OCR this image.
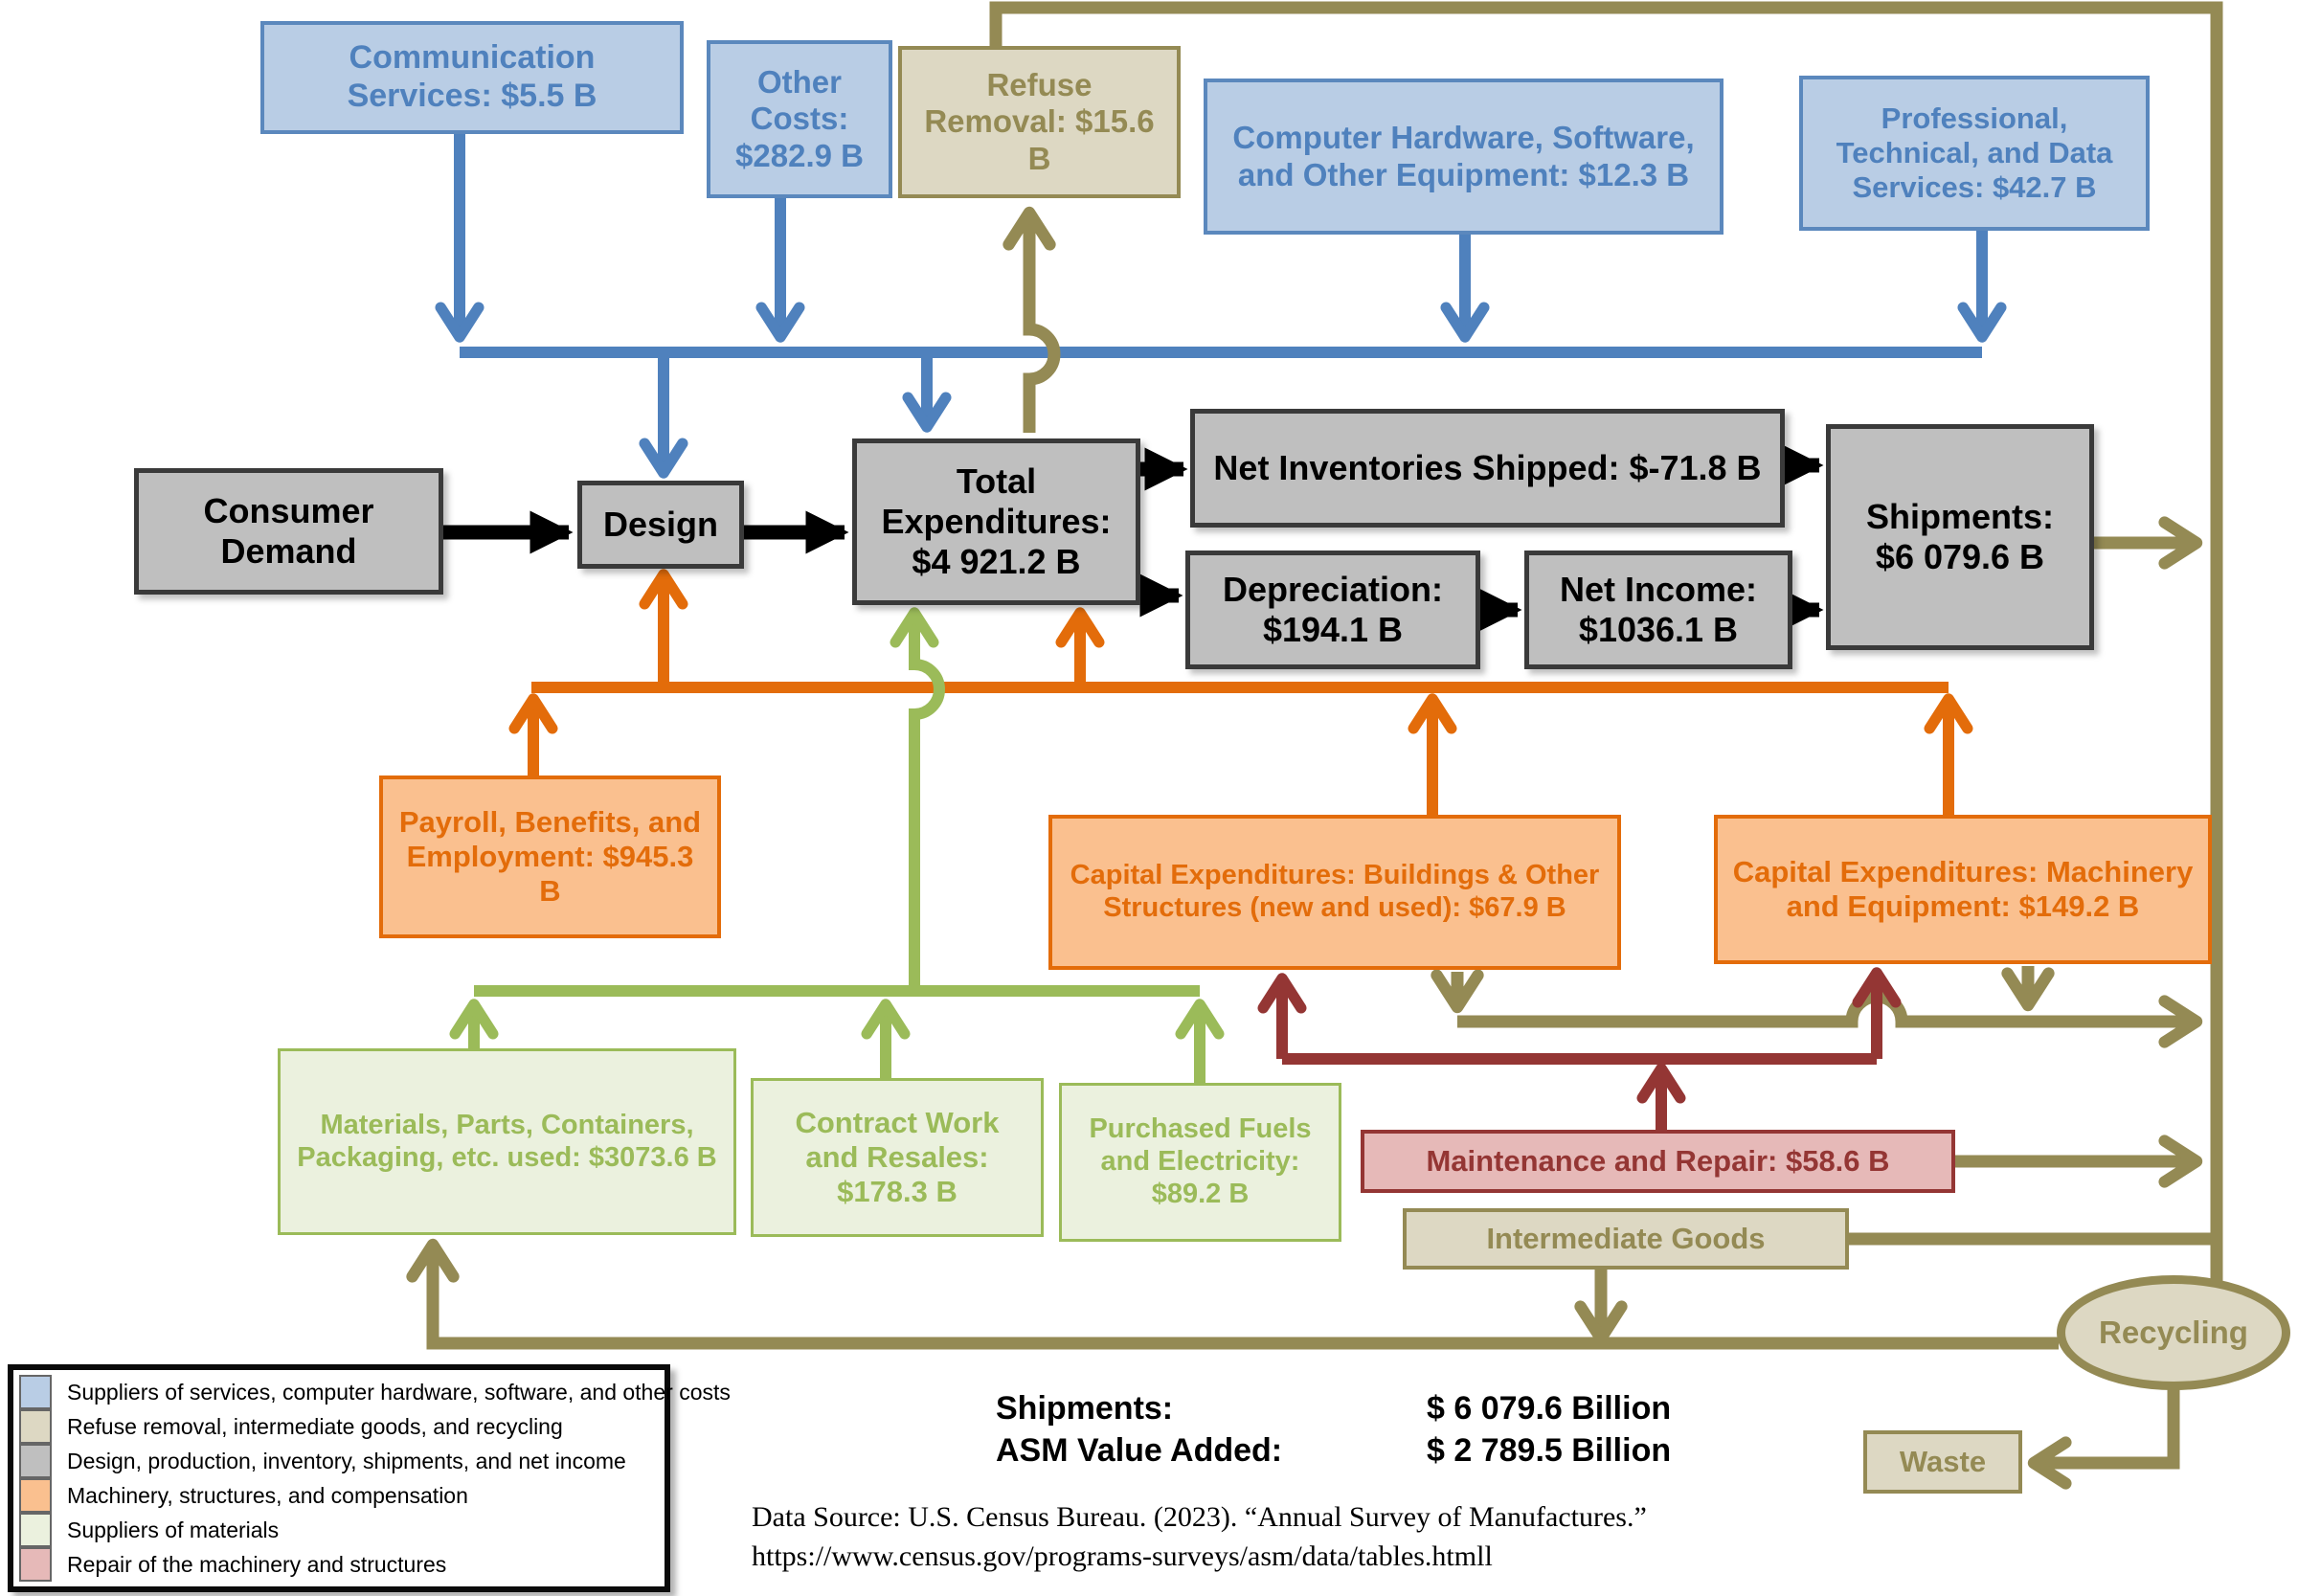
Communication Services: $5.5 B	Other Costs: $282.9 B
Refuse Removal: $15.6 B
Computer Hardware, Software, and Other Equipment: $12.3 B
Professional, Technical, and Data Services: $42.7 B
Consumer Demand
Design
Total Expenditures: $4 921.2 B
Net Inventories Shipped: $-71.8 B
Depreciation: $194.1 B
Net Income: $1036.1 B
Shipments: $6 079.6 B
Payroll, Benefits, and Employment: $945.3 B	Capital Expenditures: Buildings & Other Structures (new and used): $67.9 B
Capital Expenditures: Machinery and Equipment: $149.2 B
Materials, Parts, Containers, Packaging, etc. used: $3073.6 B
Contract Work and Resales: $178.3 B
Purchased Fuels and Electricity: $89.2 B
Maintenance and Repair: $58.6 B
Intermediate Goods
Recycling
Waste
Suppliers of services, computer hardware, software, and other costs
Refuse removal, intermediate goods, and recycling
Design, production, inventory, shipments, and net income
Machinery, structures, and compensation
Suppliers of materials
Repair of the machinery and structures
Shipments:	$ 6 079.6 Billion
ASM Value Added:	$ 2 789.5 Billion
Data Source: U.S. Census Bureau. (2023). “Annual Survey of Manufactures.”
https://www.census.gov/programs-surveys/asm/data/tables.htmll
